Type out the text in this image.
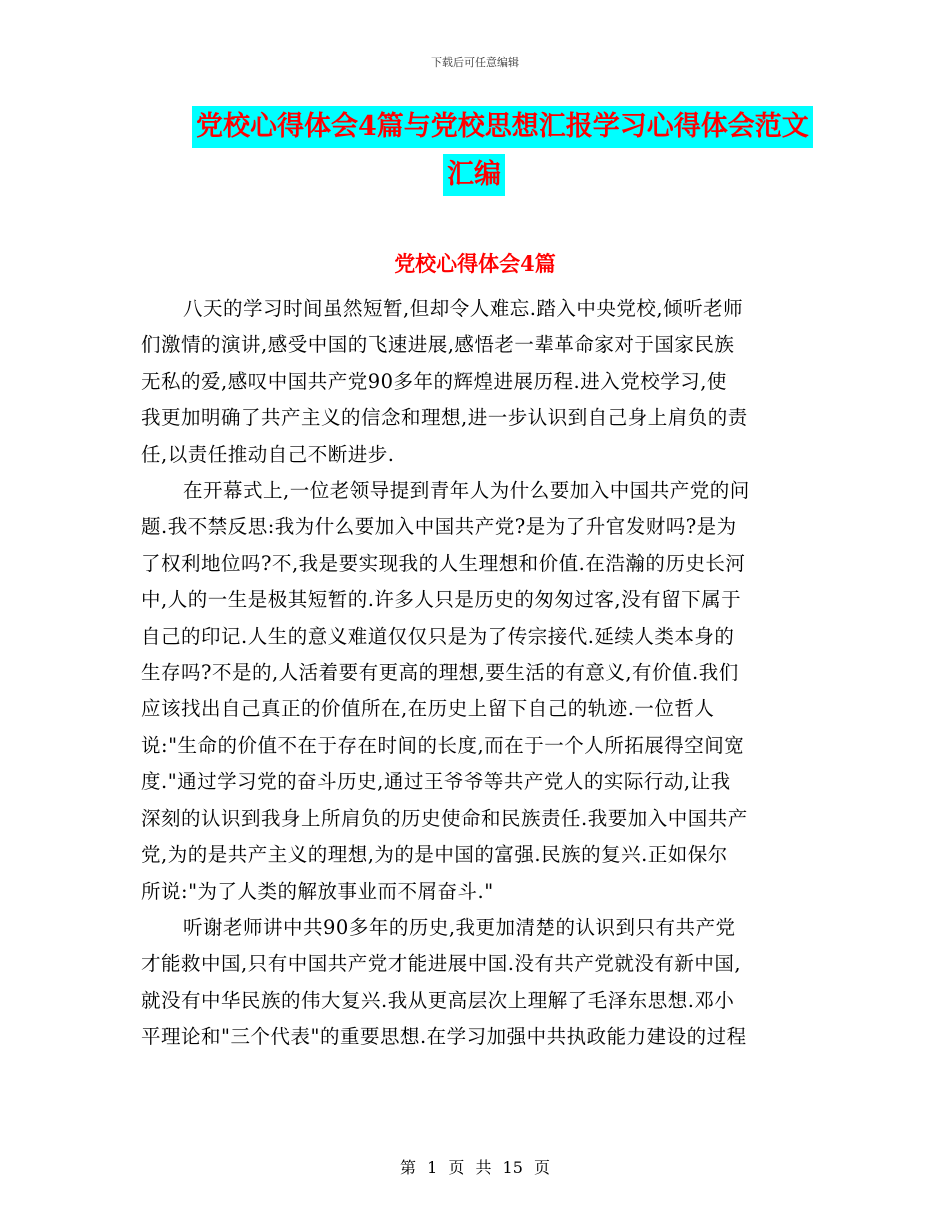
下载后可任意编辑
党校心得体会4篇与党校思想汇报学习心得体会范文
汇编
党校心得体会4篇
八天的学习时间虽然短暂,但却令人难忘.踏入中央党校,倾听老师
们激情的演讲,感受中国的飞速进展,感悟老一辈革命家对于国家民族
无私的爱,感叹中国共产党90多年的辉煌进展历程.进入党校学习,使
我更加明确了共产主义的信念和理想,进一步认识到自己身上肩负的责
任,以责任推动自己不断进步.
在开幕式上,一位老领导提到青年人为什么要加入中国共产党的问
题.我不禁反思:我为什么要加入中国共产党?是为了升官发财吗?是为
了权利地位吗?不,我是要实现我的人生理想和价值.在浩瀚的历史长河
中,人的一生是极其短暂的.许多人只是历史的匆匆过客,没有留下属于
自己的印记.人生的意义难道仅仅只是为了传宗接代.延续人类本身的
生存吗?不是的,人活着要有更高的理想,要生活的有意义,有价值.我们
应该找出自己真正的价值所在,在历史上留下自己的轨迹.一位哲人
说:"生命的价值不在于存在时间的长度,而在于一个人所拓展得空间宽
度."通过学习党的奋斗历史,通过王爷爷等共产党人的实际行动,让我
深刻的认识到我身上所肩负的历史使命和民族责任.我要加入中国共产
党,为的是共产主义的理想,为的是中国的富强.民族的复兴.正如保尔
所说:"为了人类的解放事业而不屑奋斗."
听谢老师讲中共90多年的历史,我更加清楚的认识到只有共产党
才能救中国,只有中国共产党才能进展中国.没有共产党就没有新中国,
就没有中华民族的伟大复兴.我从更高层次上理解了毛泽东思想.邓小
平理论和"三个代表"的重要思想.在学习加强中共执政能力建设的过程
第 1 页 共 15 页
